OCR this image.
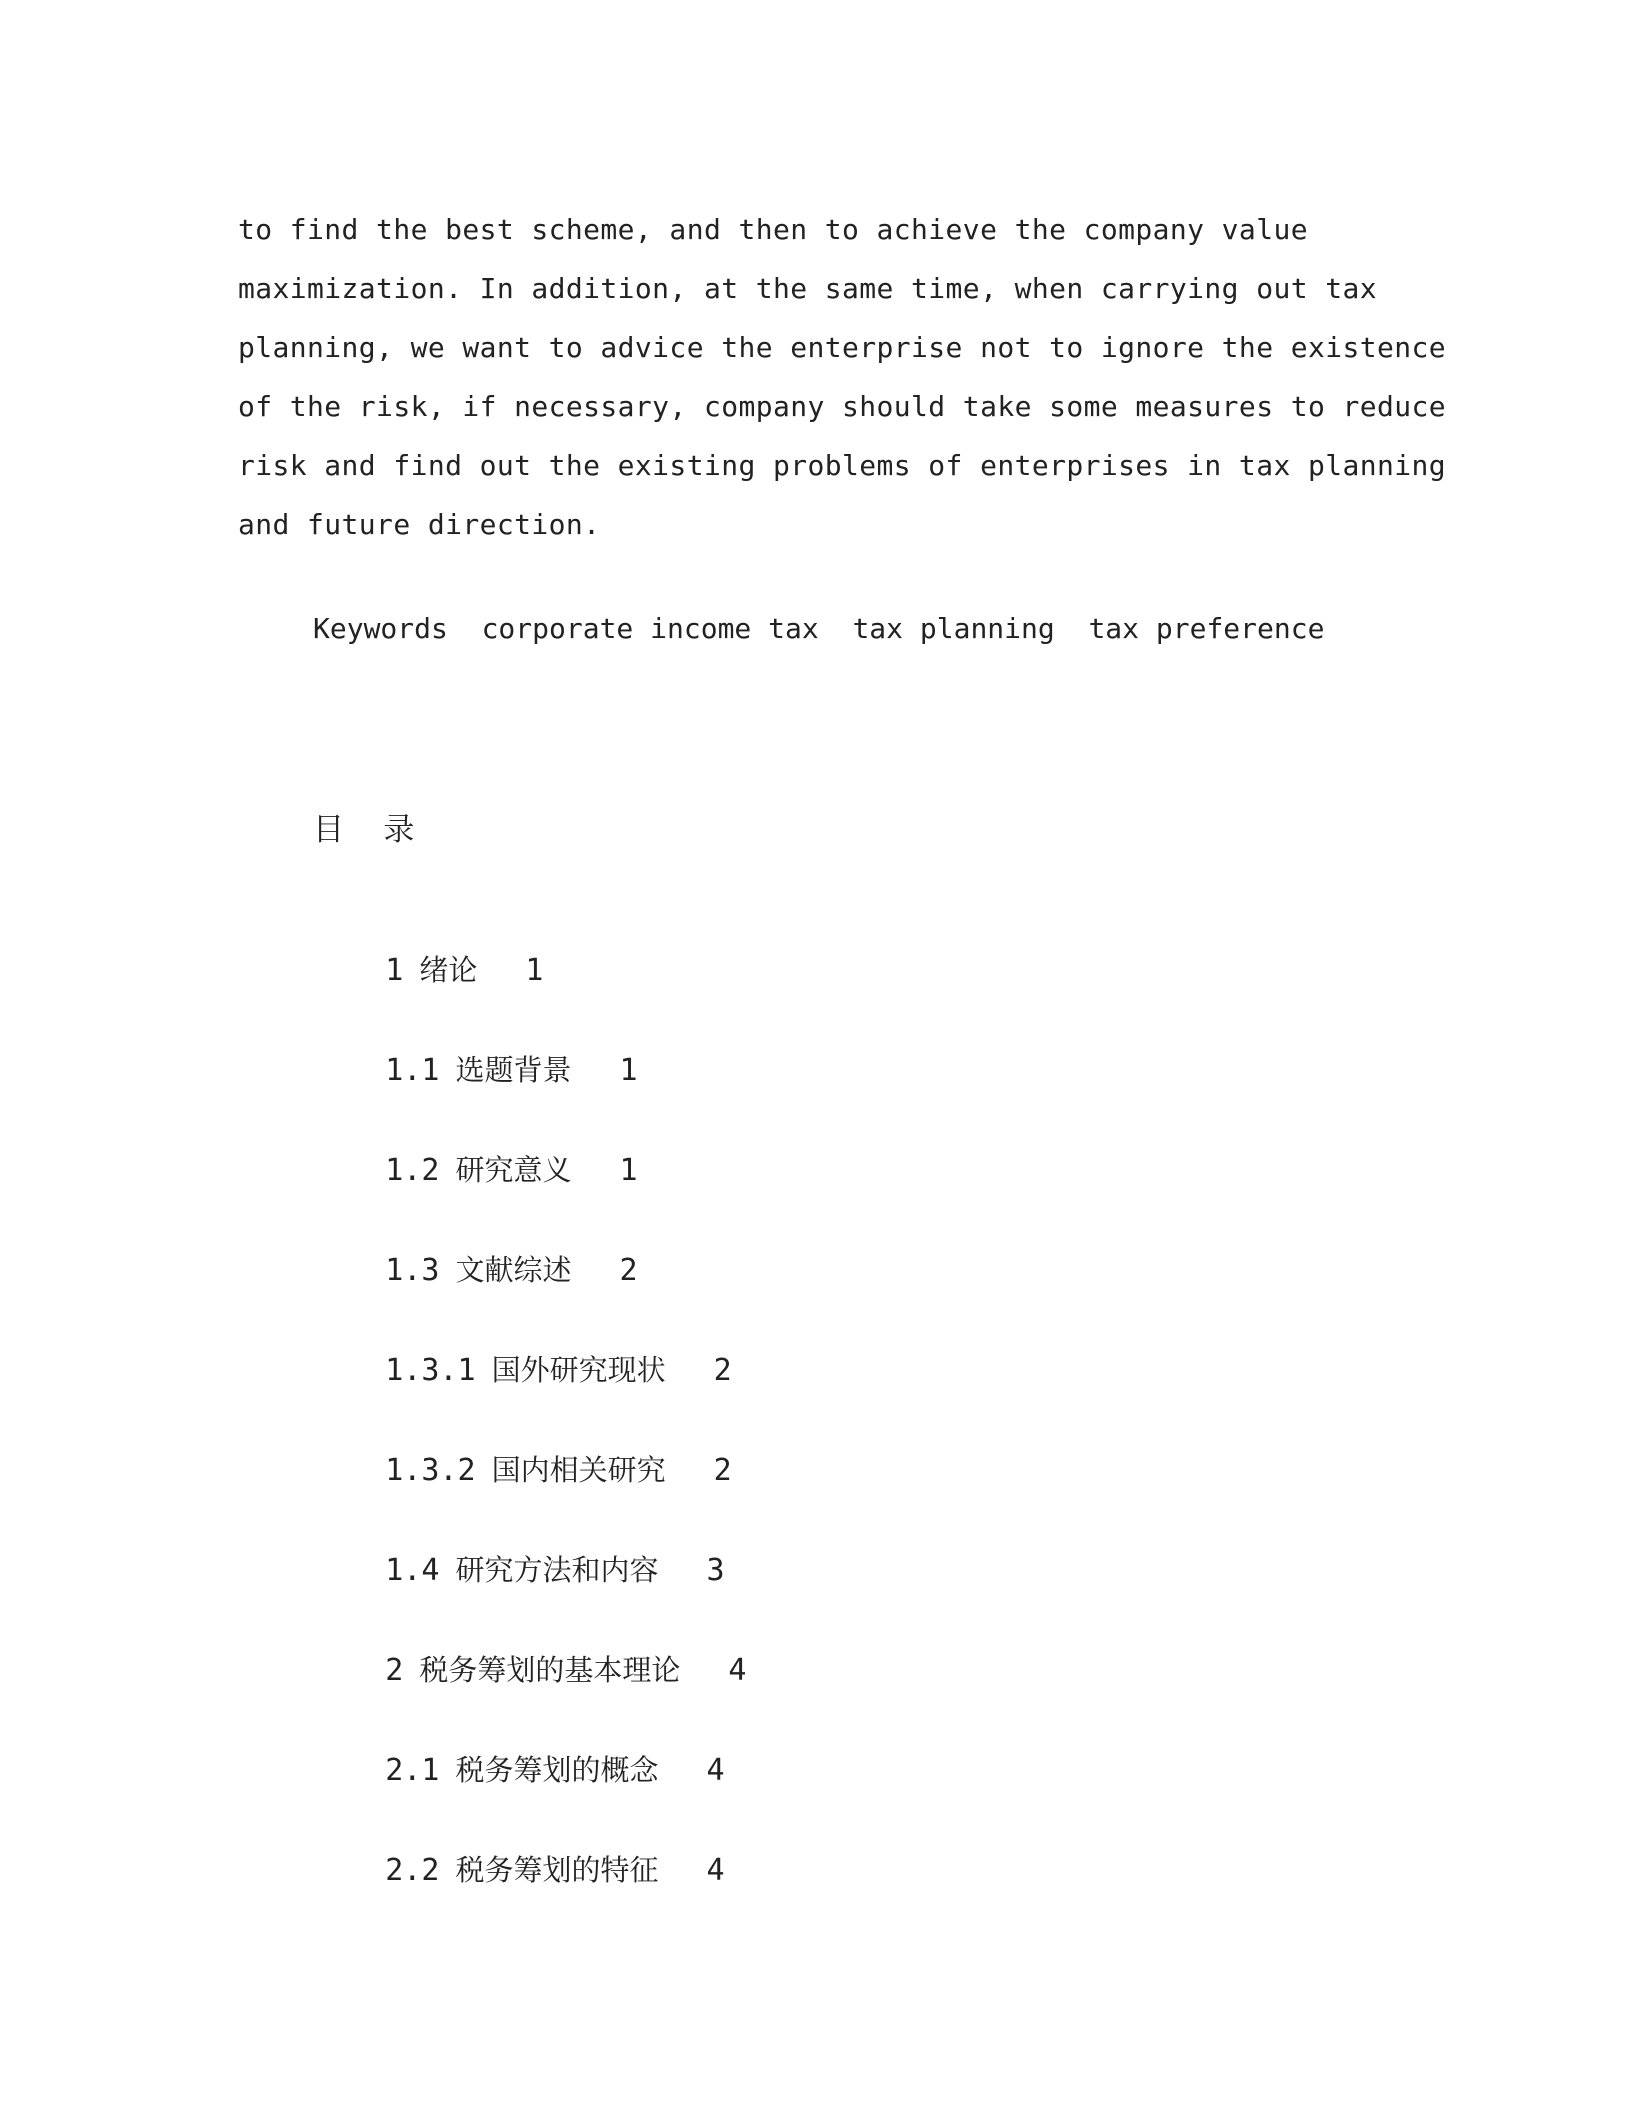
to find the best scheme, and then to achieve the company value
maximization. In addition, at the same time, when carrying out tax
planning, we want to advice the enterprise not to ignore the existence
of the risk, if necessary, company should take some measures to reduce
risk and find out the existing problems of enterprises in tax planning
and future direction.
Keywords  corporate income tax  tax planning  tax preference
目    录

1 绪论 1

1.1 选题背景 1

1.2 研究意义 1

1.3 文献综述 2

1.3.1 国外研究现状 2

1.3.2 国内相关研究 2

1.4 研究方法和内容 3

2 税务筹划的基本理论 4

2.1 税务筹划的概念 4

2.2 税务筹划的特征 4
